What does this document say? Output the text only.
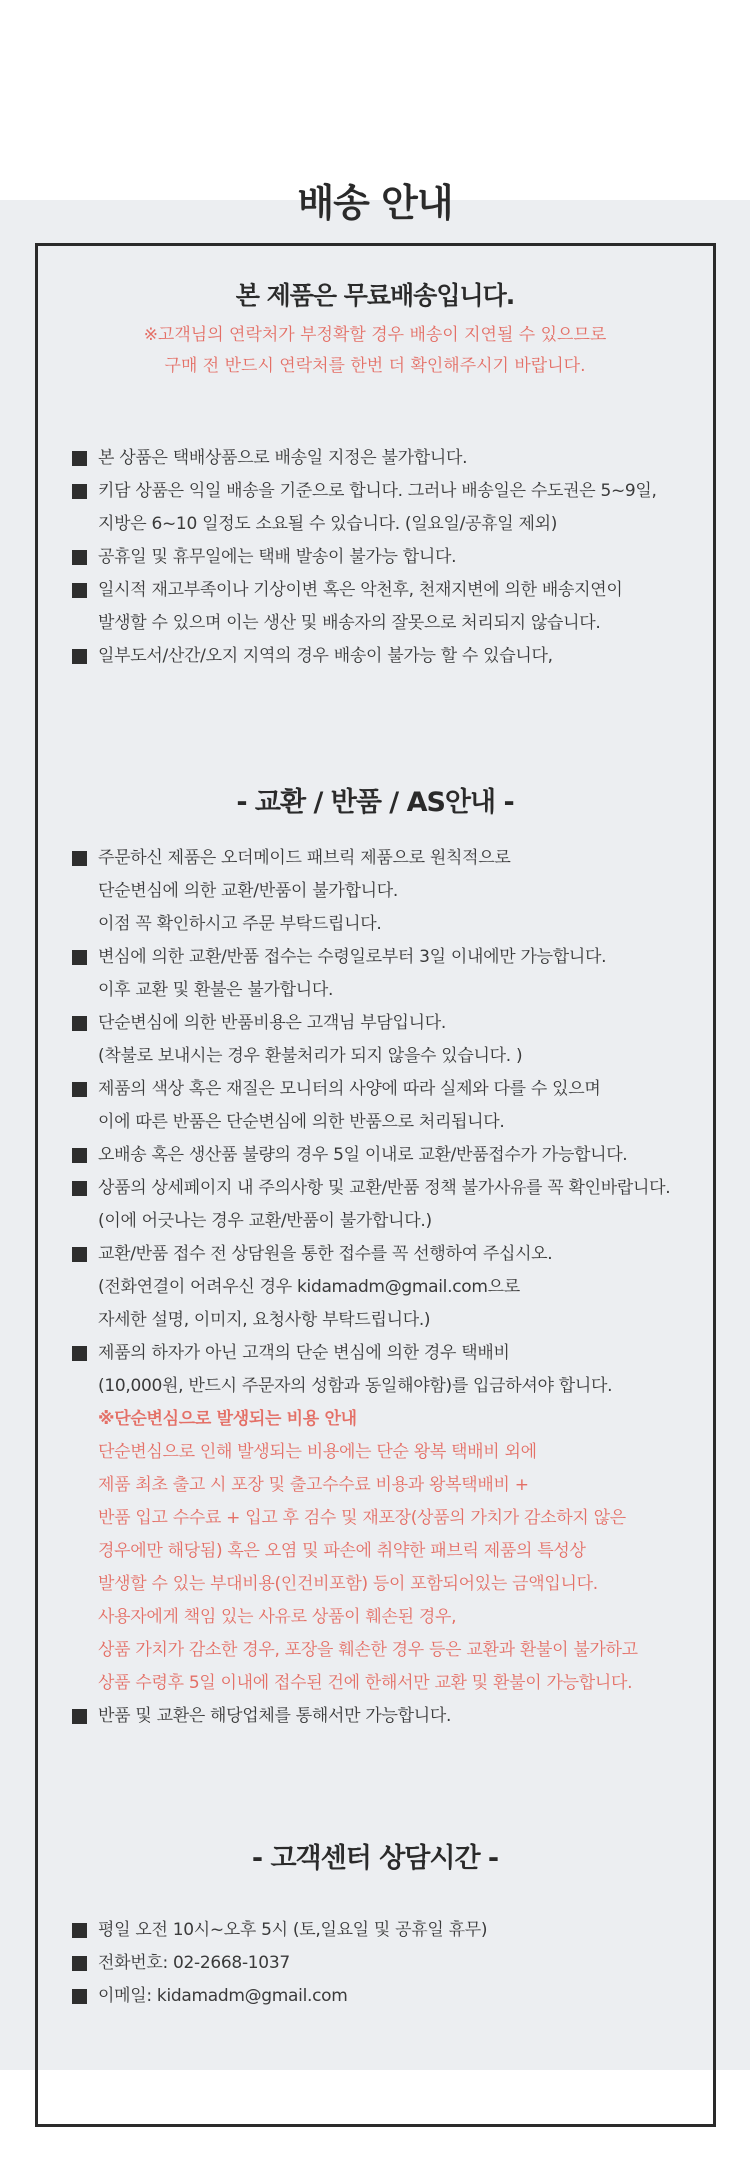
배송 안내
본 제품은 무료배송입니다.
※고객님의 연락처가 부정확할 경우 배송이 지연될 수 있으므로
구매 전 반드시 연락처를 한번 더 확인해주시기 바랍니다.
본 상품은 택배상품으로 배송일 지정은 불가합니다.
키담 상품은 익일 배송을 기준으로 합니다. 그러나 배송일은 수도권은 5~9일,
지방은 6~10 일정도 소요될 수 있습니다. (일요일/공휴일 제외)
공휴일 및 휴무일에는 택배 발송이 불가능 합니다.
일시적 재고부족이나 기상이변 혹은 악천후, 천재지변에 의한 배송지연이
발생할 수 있으며 이는 생산 및 배송자의 잘못으로 처리되지 않습니다.
일부도서/산간/오지 지역의 경우 배송이 불가능 할 수 있습니다,
- 교환 / 반품 / AS안내 -
주문하신 제품은 오더메이드 패브릭 제품으로 원칙적으로
단순변심에 의한 교환/반품이 불가합니다.
이점 꼭 확인하시고 주문 부탁드립니다.
변심에 의한 교환/반품 접수는 수령일로부터 3일 이내에만 가능합니다.
이후 교환 및 환불은 불가합니다.
단순변심에 의한 반품비용은 고객님 부담입니다.
(착불로 보내시는 경우 환불처리가 되지 않을수 있습니다. )
제품의 색상 혹은 재질은 모니터의 사양에 따라 실제와 다를 수 있으며
이에 따른 반품은 단순변심에 의한 반품으로 처리됩니다.
오배송 혹은 생산품 불량의 경우 5일 이내로 교환/반품접수가 가능합니다.
상품의 상세페이지 내 주의사항 및 교환/반품 정책 불가사유를 꼭 확인바랍니다.
(이에 어긋나는 경우 교환/반품이 불가합니다.)
교환/반품 접수 전 상담원을 통한 접수를 꼭 선행하여 주십시오.
(전화연결이 어려우신 경우 kidamadm@gmail.com으로
자세한 설명, 이미지, 요청사항 부탁드립니다.)
제품의 하자가 아닌 고객의 단순 변심에 의한 경우 택배비
(10,000원, 반드시 주문자의 성함과 동일해야함)를 입금하셔야 합니다.
※단순변심으로 발생되는 비용 안내
단순변심으로 인해 발생되는 비용에는 단순 왕복 택배비 외에
제품 최초 출고 시 포장 및 출고수수료 비용과 왕복택배비 +
반품 입고 수수료 + 입고 후 검수 및 재포장(상품의 가치가 감소하지 않은
경우에만 해당됨) 혹은 오염 및 파손에 취약한 패브릭 제품의 특성상
발생할 수 있는 부대비용(인건비포함) 등이 포함되어있는 금액입니다.
사용자에게 책임 있는 사유로 상품이 훼손된 경우,
상품 가치가 감소한 경우, 포장을 훼손한 경우 등은 교환과 환불이 불가하고
상품 수령후 5일 이내에 접수된 건에 한해서만 교환 및 환불이 가능합니다.
반품 및 교환은 해당업체를 통해서만 가능합니다.
- 고객센터 상담시간 -
평일 오전 10시~오후 5시 (토,일요일 및 공휴일 휴무)
전화번호: 02-2668-1037
이메일: kidamadm@gmail.com
